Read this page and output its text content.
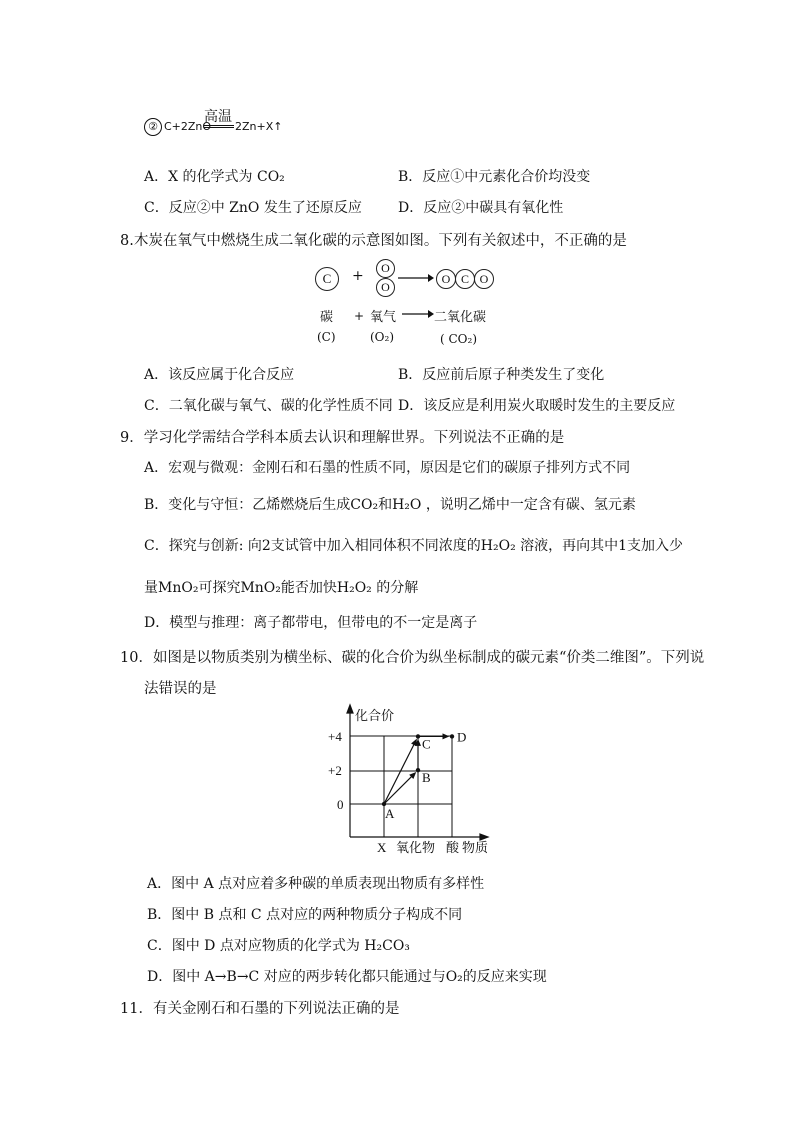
② C+2ZnO
高温
2Zn+X↑
A．X 的化学式为 CO₂	B．反应①中元素化合价均没变
C．反应②中 ZnO 发生了还原反应	D．反应②中碳具有氧化性
8.木炭在氧气中燃烧生成二氧化碳的示意图如图。下列有关叙述中，不正确的是
C	+	O
O
→ O C O
碳 + 氧气	二氧化碳
(C)	(O₂)	( CO₂)
A．该反应属于化合反应	B．反应前后原子种类发生了变化
C．二氧化碳与氧气、碳的化学性质不同 D．该反应是利用炭火取暖时发生的主要反应
9．学习化学需结合学科本质去认识和理解世界。下列说法不正确的是
A．宏观与微观：金刚石和石墨的性质不同，原因是它们的碳原子排列方式不同
B．变化与守恒：乙烯燃烧后生成CO₂和H₂O ，说明乙烯中一定含有碳、氢元素
C．探究与创新: 向2支试管中加入相同体积不同浓度的H₂O₂ 溶液，再向其中1支加入少
量MnO₂可探究MnO₂能否加快H₂O₂ 的分解
D．模型与推理：离子都带电，但带电的不一定是离子
10．如图是以物质类别为横坐标、碳的化合价为纵坐标制成的碳元素“价类二维图”。下列说
法错误的是
化合价
+4
+2
0
X 氧化物 酸 物质
A
B
C D
A．图中 A 点对应着多种碳的单质表现出物质有多样性
B．图中 B 点和 C 点对应的两种物质分子构成不同
C．图中 D 点对应物质的化学式为 H₂CO₃
D．图中 A→B→C 对应的两步转化都只能通过与O₂的反应来实现
11．有关金刚石和石墨的下列说法正确的是
